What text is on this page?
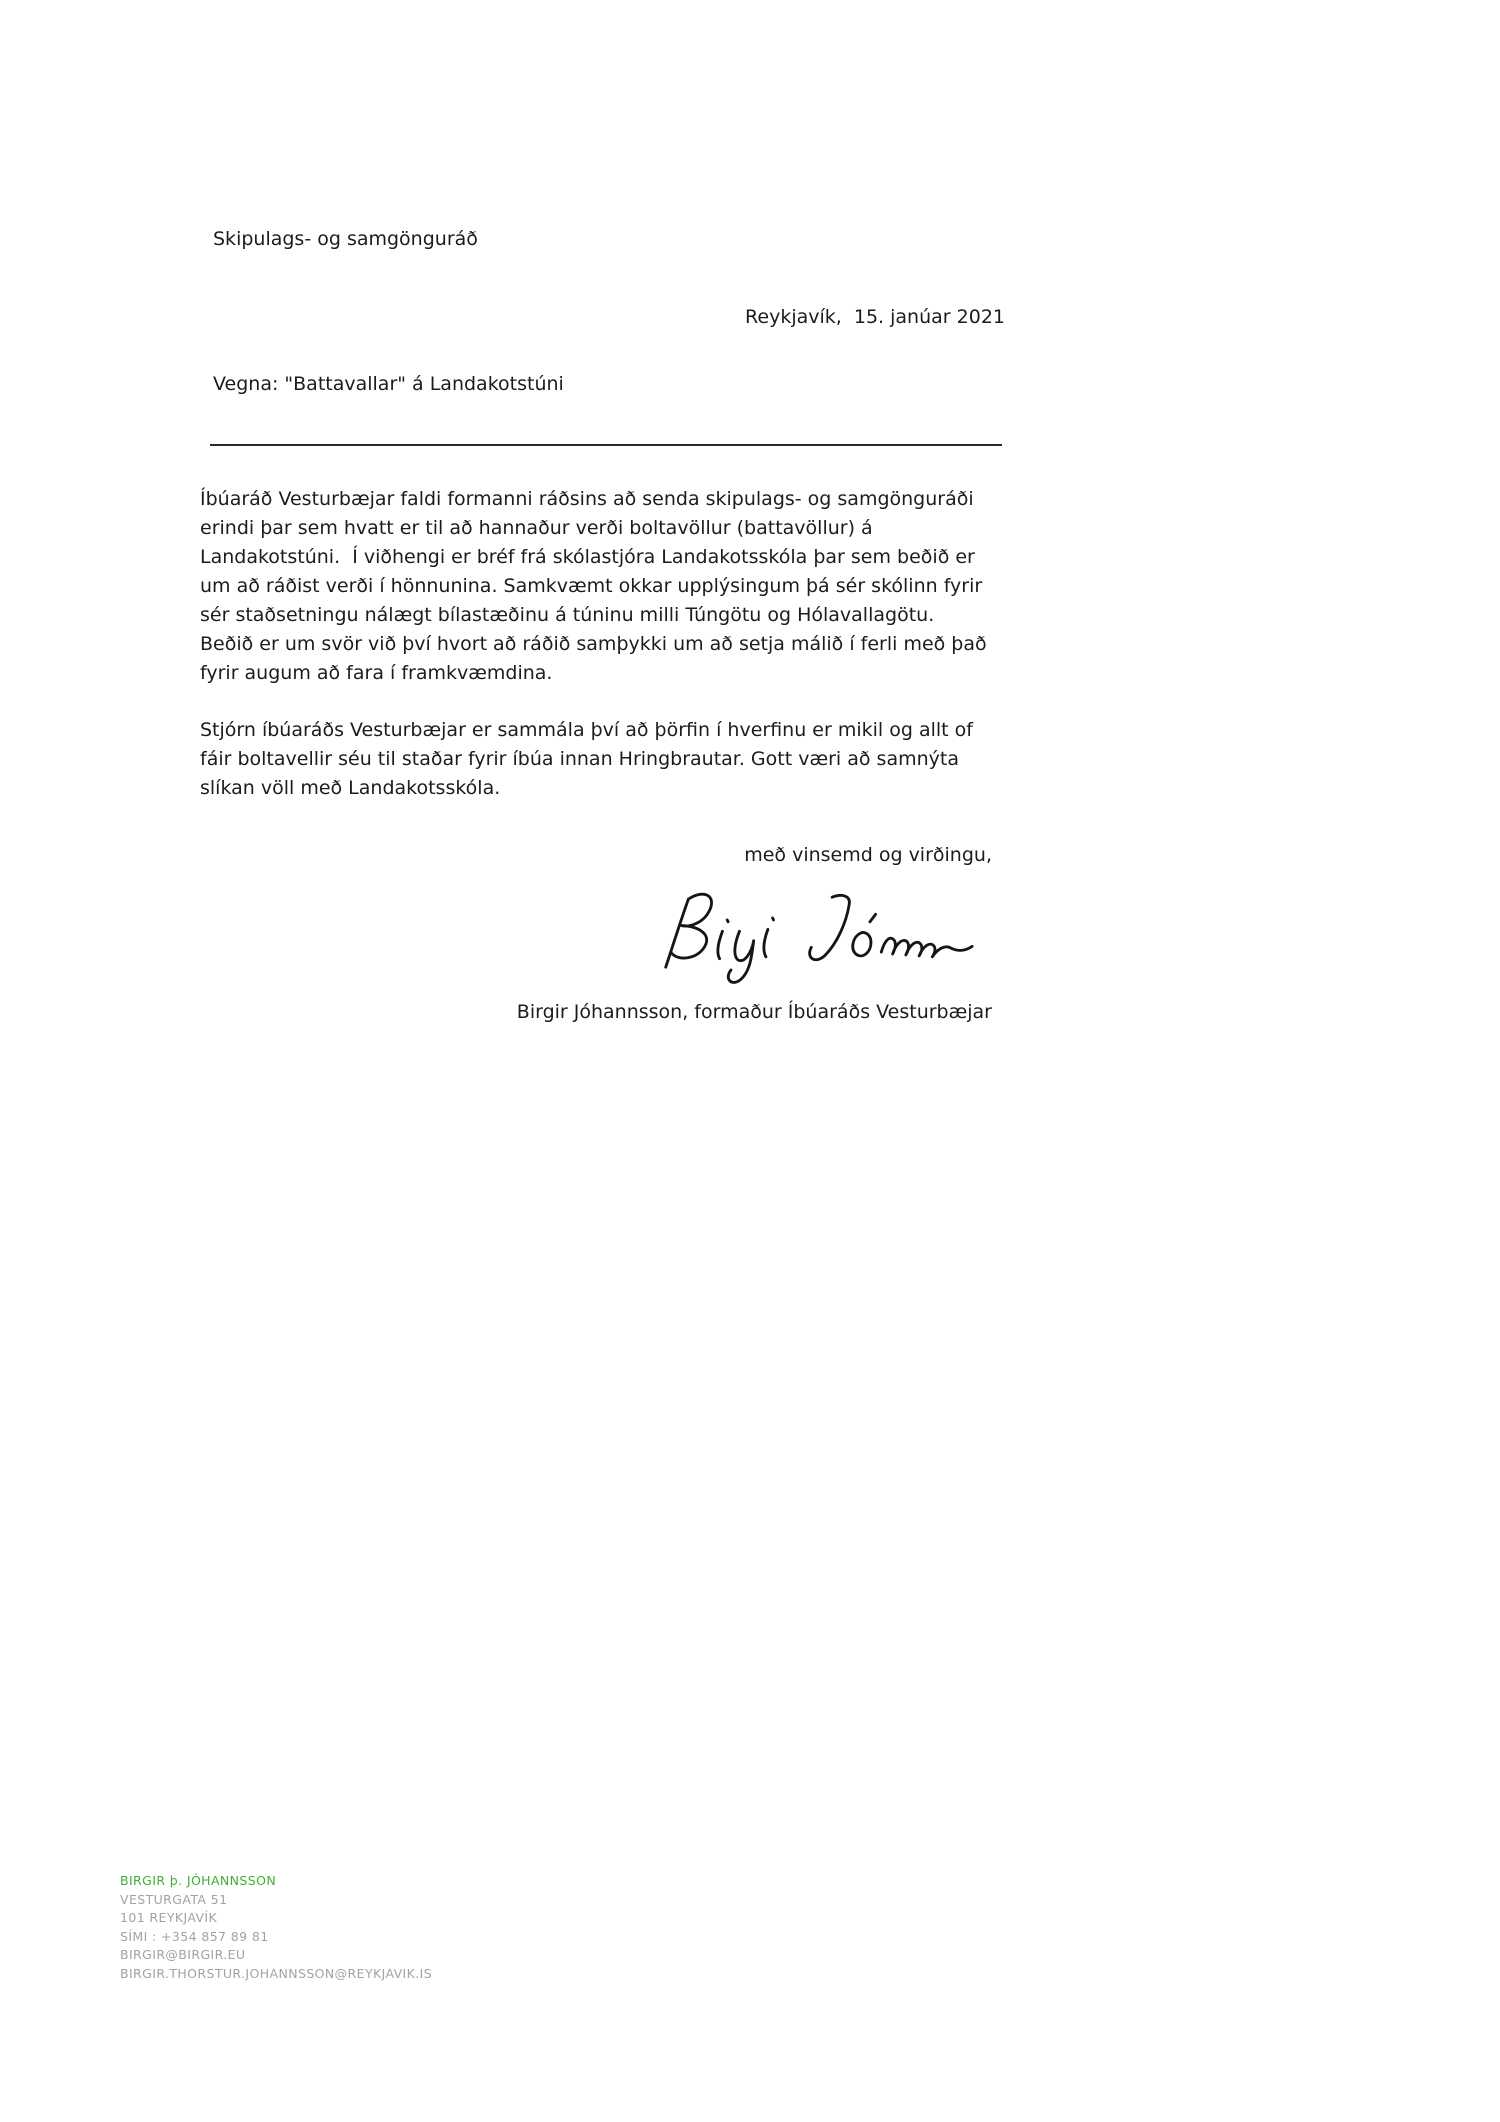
Skipulags- og samgönguráð

Reykjavík,  15. janúar 2021

Vegna: "Battavallar" á Landakotstúni

Íbúaráð Vesturbæjar faldi formanni ráðsins að senda skipulags- og samgönguráði erindi þar sem hvatt er til að hannaður verði boltavöllur (battavöllur) á Landakotstúni.  Í viðhengi er bréf frá skólastjóra Landakotsskóla þar sem beðið er um að ráðist verði í hönnunina. Samkvæmt okkar upplýsingum þá sér skólinn fyrir sér staðsetningu nálægt bílastæðinu á túninu milli Túngötu og Hólavallagötu. Beðið er um svör við því hvort að ráðið samþykki um að setja málið í ferli með það fyrir augum að fara í framkvæmdina.

Stjórn íbúaráðs Vesturbæjar er sammála því að þörfin í hverfinu er mikil og allt of fáir boltavellir séu til staðar fyrir íbúa innan Hringbrautar. Gott væri að samnýta slíkan völl með Landakotsskóla.

með vinsemd og virðingu,
Birgir Jóhannsson, formaður Íbúaráðs Vesturbæjar
BIRGIR þ. JÓHANNSSON
VESTURGATA 51
101 REYKJAVÍK
SÍMI : +354 857 89 81
BIRGIR@BIRGIR.EU
BIRGIR.THORSTUR.JOHANNSSON@REYKJAVIK.IS
